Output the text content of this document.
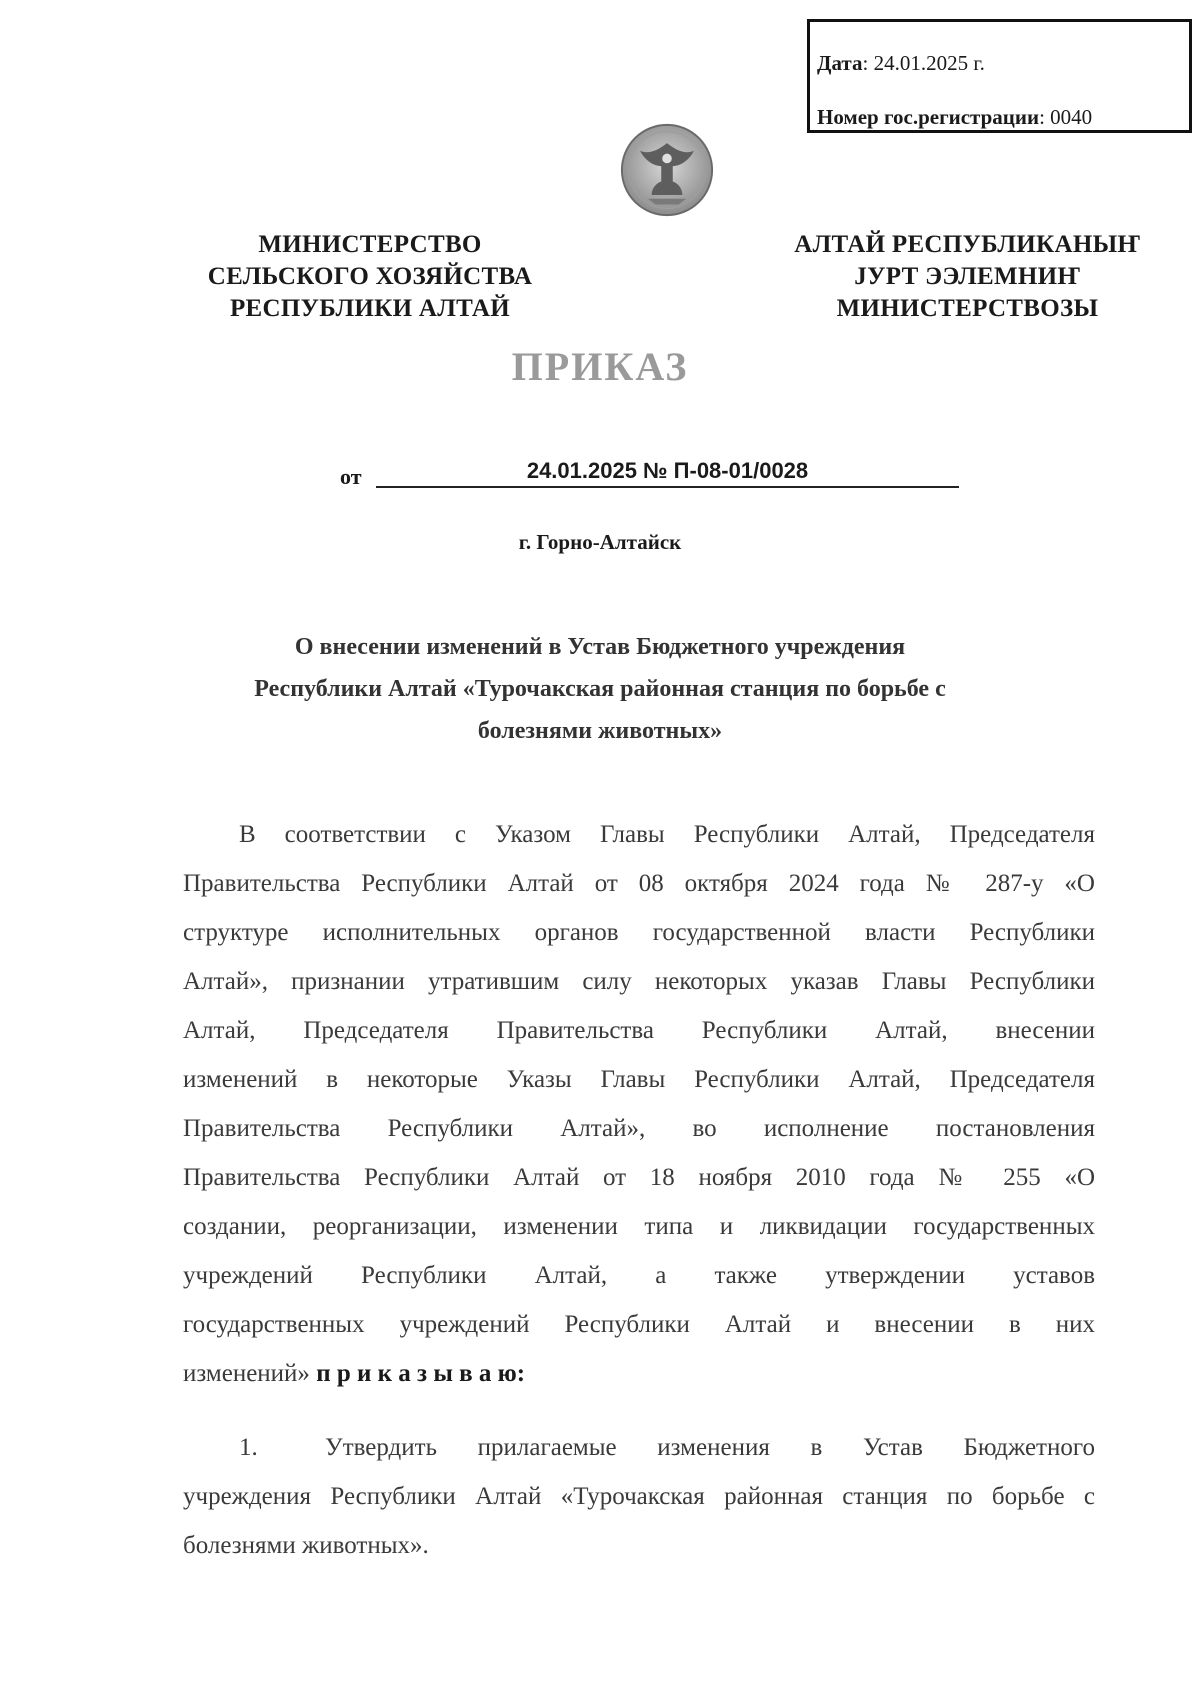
Дата: 24.01.2025 г.
Номер гос.регистрации: 0040
МИНИСТЕРСТВО
СЕЛЬСКОГО ХОЗЯЙСТВА
РЕСПУБЛИКИ АЛТАЙ
АЛТАЙ РЕСПУБЛИКАНЫҤ
ЈУРТ ЭЭЛЕМНИҤ
МИНИСТЕРСТВОЗЫ
ПРИКАЗ
от	24.01.2025 № П-08-01/0028
г. Горно-Алтайск
О внесении изменений в Устав Бюджетного учреждения
Республики Алтай «Турочакская районная станция по борьбе с
болезнями животных»
В соответствии с Указом Главы Республики Алтай, Председателя
Правительства Республики Алтай от 08 октября 2024 года № 287-у «О
структуре исполнительных органов государственной власти Республики
Алтай», признании утратившим силу некоторых указав Главы Республики
Алтай, Председателя Правительства Республики Алтай, внесении
изменений в некоторые Указы Главы Республики Алтай, Председателя
Правительства Республики Алтай», во исполнение постановления
Правительства Республики Алтай от 18 ноября 2010 года № 255 «О
создании, реорганизации, изменении типа и ликвидации государственных
учреждений Республики Алтай, а также утверждении уставов
государственных учреждений Республики Алтай и внесении в них
изменений» п р и к а з ы в а ю:
1.	Утвердить прилагаемые изменения в Устав Бюджетного
учреждения Республики Алтай «Турочакская районная станция по борьбе с
болезнями животных».
